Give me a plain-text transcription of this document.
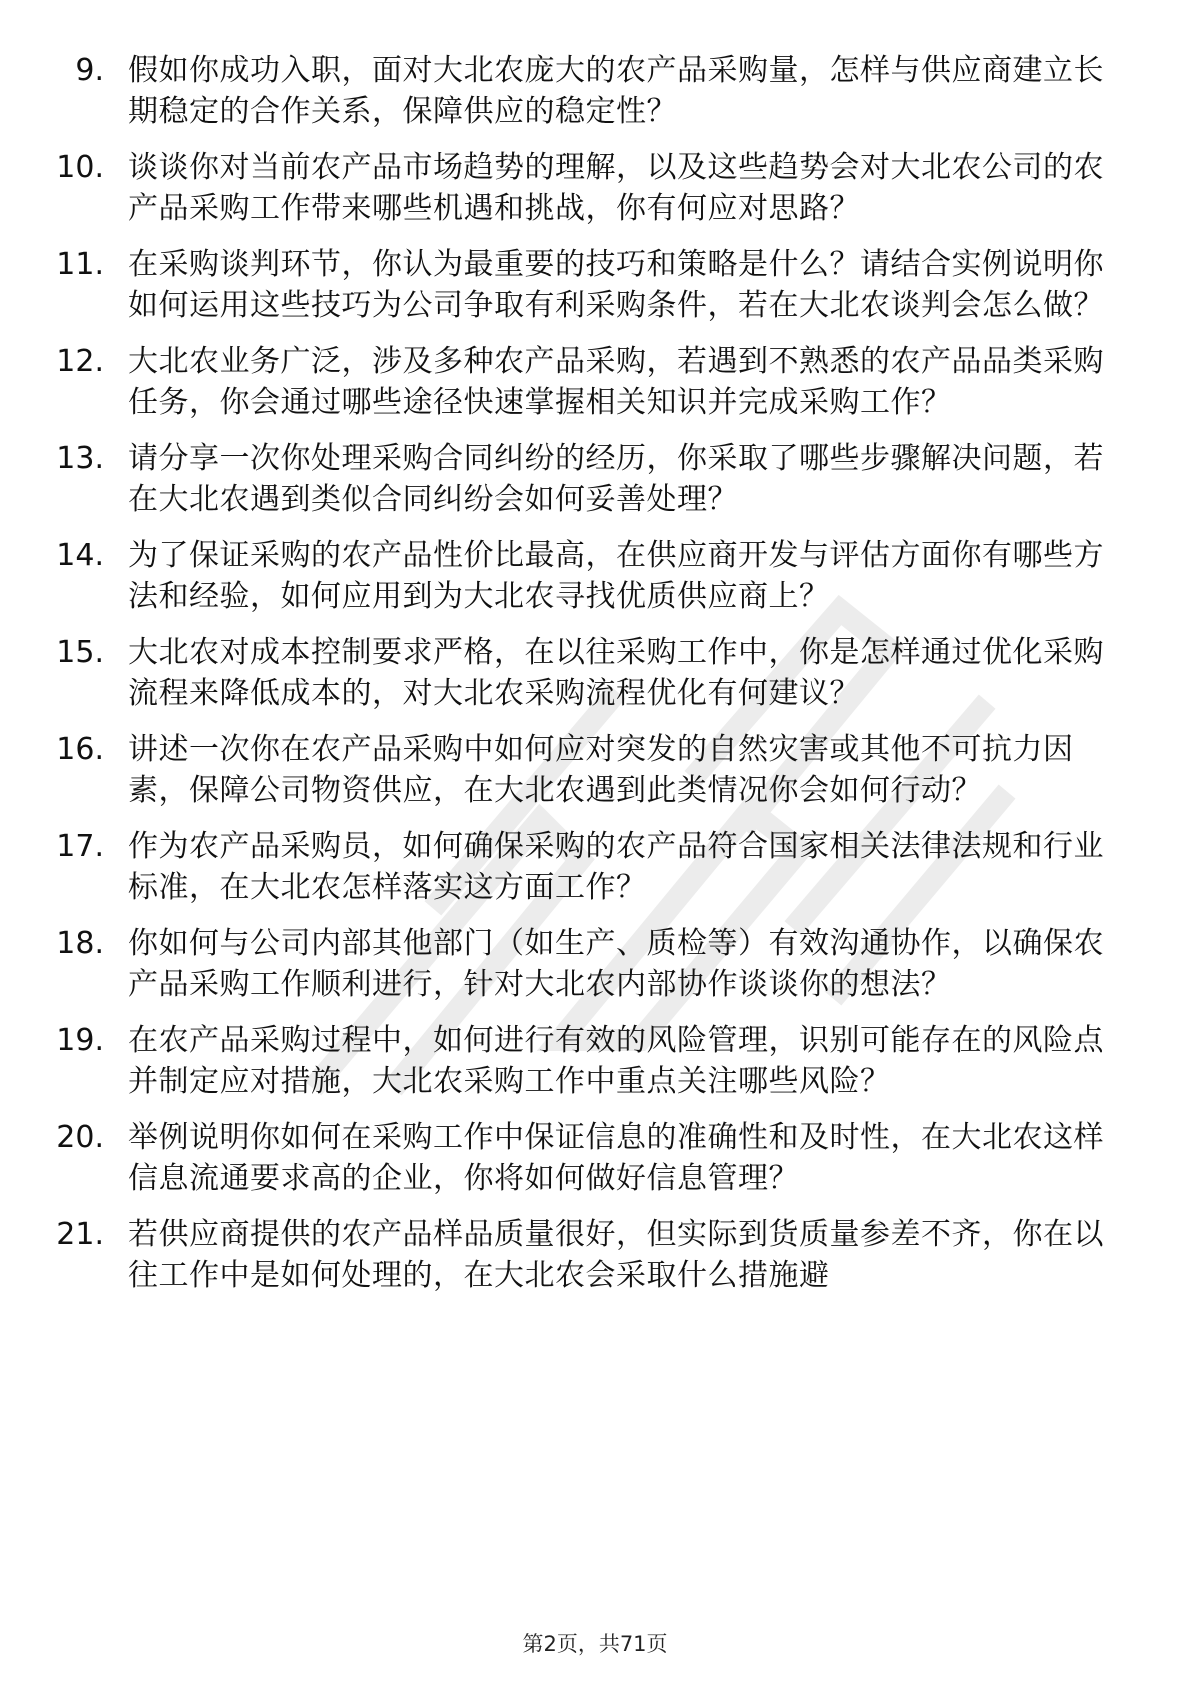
9. 假如你成功入职，面对大北农庞大的农产品采购量，怎样与供应商建立长期稳定的合作关系，保障供应的稳定性？
10. 谈谈你对当前农产品市场趋势的理解，以及这些趋势会对大北农公司的农产品采购工作带来哪些机遇和挑战，你有何应对思路？
11. 在采购谈判环节，你认为最重要的技巧和策略是什么？请结合实例说明你如何运用这些技巧为公司争取有利采购条件，若在大北农谈判会怎么做？
12. 大北农业务广泛，涉及多种农产品采购，若遇到不熟悉的农产品品类采购任务，你会通过哪些途径快速掌握相关知识并完成采购工作？
13. 请分享一次你处理采购合同纠纷的经历，你采取了哪些步骤解决问题，若在大北农遇到类似合同纠纷会如何妥善处理？
14. 为了保证采购的农产品性价比最高，在供应商开发与评估方面你有哪些方法和经验，如何应用到为大北农寻找优质供应商上？
15. 大北农对成本控制要求严格，在以往采购工作中，你是怎样通过优化采购流程来降低成本的，对大北农采购流程优化有何建议？
16. 讲述一次你在农产品采购中如何应对突发的自然灾害或其他不可抗力因素，保障公司物资供应，在大北农遇到此类情况你会如何行动？
17. 作为农产品采购员，如何确保采购的农产品符合国家相关法律法规和行业标准，在大北农怎样落实这方面工作？
18. 你如何与公司内部其他部门（如生产、质检等）有效沟通协作，以确保农产品采购工作顺利进行，针对大北农内部协作谈谈你的想法？
19. 在农产品采购过程中，如何进行有效的风险管理，识别可能存在的风险点并制定应对措施，大北农采购工作中重点关注哪些风险？
20. 举例说明你如何在采购工作中保证信息的准确性和及时性，在大北农这样信息流通要求高的企业，你将如何做好信息管理？
21. 若供应商提供的农产品样品质量很好，但实际到货质量参差不齐，你在以往工作中是如何处理的，在大北农会采取什么措施避
第2页，共71页
